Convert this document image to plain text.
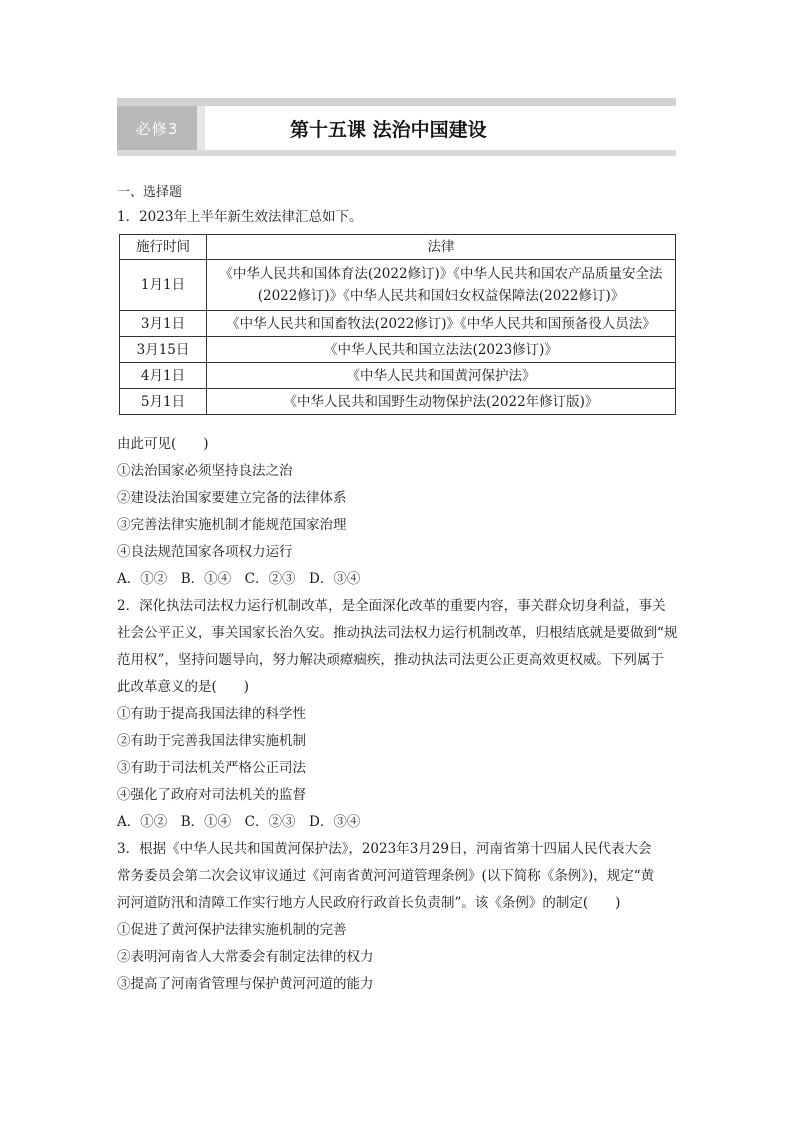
必修3	第十五课 法治中国建设
一、选择题
1．2023年上半年新生效法律汇总如下。
施行时间	法律
1月1日	《中华人民共和国体育法(2022修订)》《中华人民共和国农产品质量安全法
(2022修订)》《中华人民共和国妇女权益保障法(2022修订)》

3月1日	《中华人民共和国畜牧法(2022修订)》《中华人民共和国预备役人员法》
3月15日	《中华人民共和国立法法(2023修订)》
4月1日	《中华人民共和国黄河保护法》
5月1日	《中华人民共和国野生动物保护法(2022年修订版)》
由此可见(　　)
①法治国家必须坚持良法之治
②建设法治国家要建立完备的法律体系
③完善法律实施机制才能规范国家治理
④良法规范国家各项权力运行
A．①②　B．①④　C．②③　D．③④
2．深化执法司法权力运行机制改革，是全面深化改革的重要内容，事关群众切身利益，事关
社会公平正义，事关国家长治久安。推动执法司法权力运行机制改革，归根结底就是要做到“规
范用权”，坚持问题导向，努力解决顽瘴痼疾，推动执法司法更公正更高效更权威。下列属于
此改革意义的是(　　)
①有助于提高我国法律的科学性
②有助于完善我国法律实施机制
③有助于司法机关严格公正司法
④强化了政府对司法机关的监督
A．①②　B．①④　C．②③　D．③④
3．根据《中华人民共和国黄河保护法》，2023年3月29日，河南省第十四届人民代表大会
常务委员会第二次会议审议通过《河南省黄河河道管理条例》(以下简称《条例》)，规定“黄
河河道防汛和清障工作实行地方人民政府行政首长负责制”。该《条例》的制定(　　)
①促进了黄河保护法律实施机制的完善
②表明河南省人大常委会有制定法律的权力
③提高了河南省管理与保护黄河河道的能力
